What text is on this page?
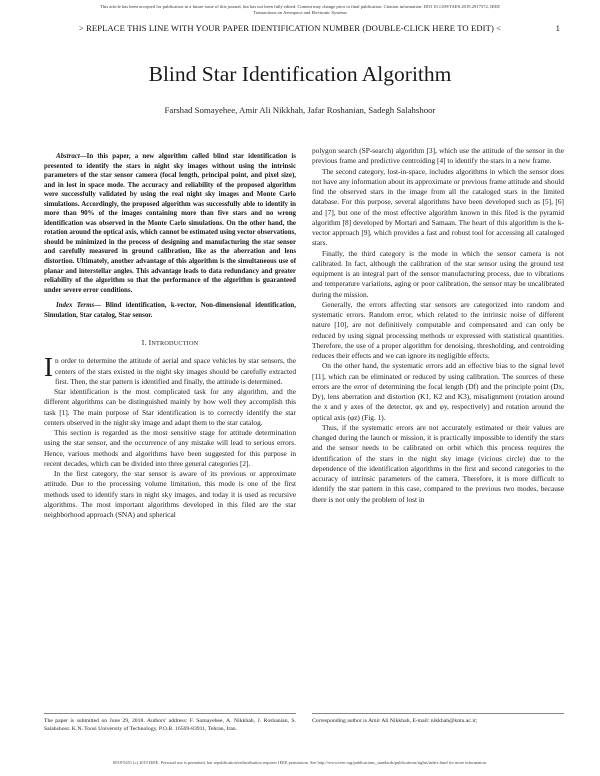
This article has been accepted for publication in a future issue of this journal, but has not been fully edited. Content may change prior to final publication. Citation information: DOI 10.1109/TAES.2019.2917572, IEEE
Transactions on Aerospace and Electronic Systems
> REPLACE THIS LINE WITH YOUR PAPER IDENTIFICATION NUMBER (DOUBLE-CLICK HERE TO EDIT) <	1
Blind Star Identification Algorithm
Farshad Somayehee, Amir Ali Nikkhah, Jafar Roshanian, Sadegh Salahshoor

Abstract—In this paper, a new algorithm called blind star identification is presented to identify the stars in night sky images without using the intrinsic parameters of the star sensor camera (focal length, principal point, and pixel size), and in lost in space mode. The accuracy and reliability of the proposed algorithm were successfully validated by using the real night sky images and Monte Carlo simulations. Accordingly, the proposed algorithm was successfully able to identify in more than 90% of the images containing more than five stars and no wrong identification was observed in the Monte Carlo simulations. On the other hand, the rotation around the optical axis, which cannot be estimated using vector observations, should be minimized in the process of designing and manufacturing the star sensor and carefully measured in ground calibration, like as the aberration and lens distortion. Ultimately, another advantage of this algorithm is the simultaneous use of planar and interstellar angles. This advantage leads to data redundancy and greater reliability of the algorithm so that the performance of the algorithm is guaranteed under severe error conditions.

Index Terms— Blind identification, k-vector, Non-dimensional identification, Simulation, Star catalog, Star sensor.

I. INTRODUCTION

In order to determine the attitude of aerial and space vehicles by star sensors, the centers of the stars existed in the night sky images should be carefully extracted first. Then, the star pattern is identified and finally, the attitude is determined.

Star identification is the most complicated task for any algorithm, and the different algorithms can be distinguished mainly by how well they accomplish this task [1]. The main purpose of Star identification is to correctly identify the star centers observed in the night sky image and adapt them to the star catalog.

This section is regarded as the most sensitive stage for attitude determination using the star sensor, and the occurrence of any mistake will lead to serious errors. Hence, various methods and algorithms have been suggested for this purpose in recent decades, which can be divided into three general categories [2].

In the first category, the star sensor is aware of its previous or approximate attitude. Due to the processing volume limitation, this mode is one of the first methods used to identify stars in night sky images, and today it is used as recursive algorithms. The most important algorithms developed in this filed are the star neighborhood approach (SNA) and spherical

polygon search (SP-search) algorithm [3], which use the attitude of the sensor in the previous frame and predictive centroiding [4] to identify the stars in a new frame.

The second category, lost-in-space, includes algorithms in which the sensor does not have any information about its approximate or previous frame attitude and should find the observed stars in the image from all the cataloged stars in the limited database. For this purpose, several algorithms have been developed such as [5], [6] and [7], but one of the most effective algorithm known in this filed is the pyramid algorithm [8] developed by Mortari and Samaan. The heart of this algorithm is the k-vector approach [9], which provides a fast and robust tool for accessing all cataloged stars.

Finally, the third category is the mode in which the sensor camera is not calibrated. In fact, although the calibration of the star sensor using the ground test equipment is an integral part of the sensor manufacturing process, due to vibrations and temperature variations, aging or poor calibration, the sensor may be uncalibrated during the mission.

Generally, the errors affecting star sensors are categorized into random and systematic errors. Random error, which related to the intrinsic noise of different nature [10], are not definitively computable and compensated and can only be reduced by using signal processing methods or expressed with statistical quantities. Therefore, the use of a proper algorithm for denoising, thresholding, and centroiding reduces their effects and we can ignore its negligible effects.

On the other hand, the systematic errors add an effective bias to the signal level [11], which can be eliminated or reduced by using calibration. The sources of these errors are the error of determining the focal length (Df) and the principle point (Dx, Dy), lens aberration and distortion (K1, K2 and K3), misalignment (rotation around the x and y axes of the detector, φx and φy, respectively) and rotation around the optical axis (φz) (Fig. 1).

Thus, if the systematic errors are not accurately estimated or their values are changed during the launch or mission, it is practically impossible to identify the stars and the sensor needs to be calibrated on orbit which this process requires the identification of the stars in the night sky image (vicious circle) due to the dependence of the identification algorithms in the first and second categories to the accuracy of intrinsic parameters of the camera. Therefore, it is more difficult to identify the star pattern in this case, compared to the previous two modes, because there is not only the problem of lost in

The paper is submitted on June 29, 2018. Authors' address: F. Somayehee, A. Nikkhah, J. Roshanian, S. Salahshoor. K.N. Toosi University of Technology, P.O.B. 16569-83911, Tehran, Iran.
Corresponding author is Amir Ali Nikkhah, E-mail: nikkhah@kntu.ac.ir;
0018-9251 (c) 2019 IEEE. Personal use is permitted, but republication/redistribution requires IEEE permission. See http://www.ieee.org/publications_standards/publications/rights/index.html for more information.
